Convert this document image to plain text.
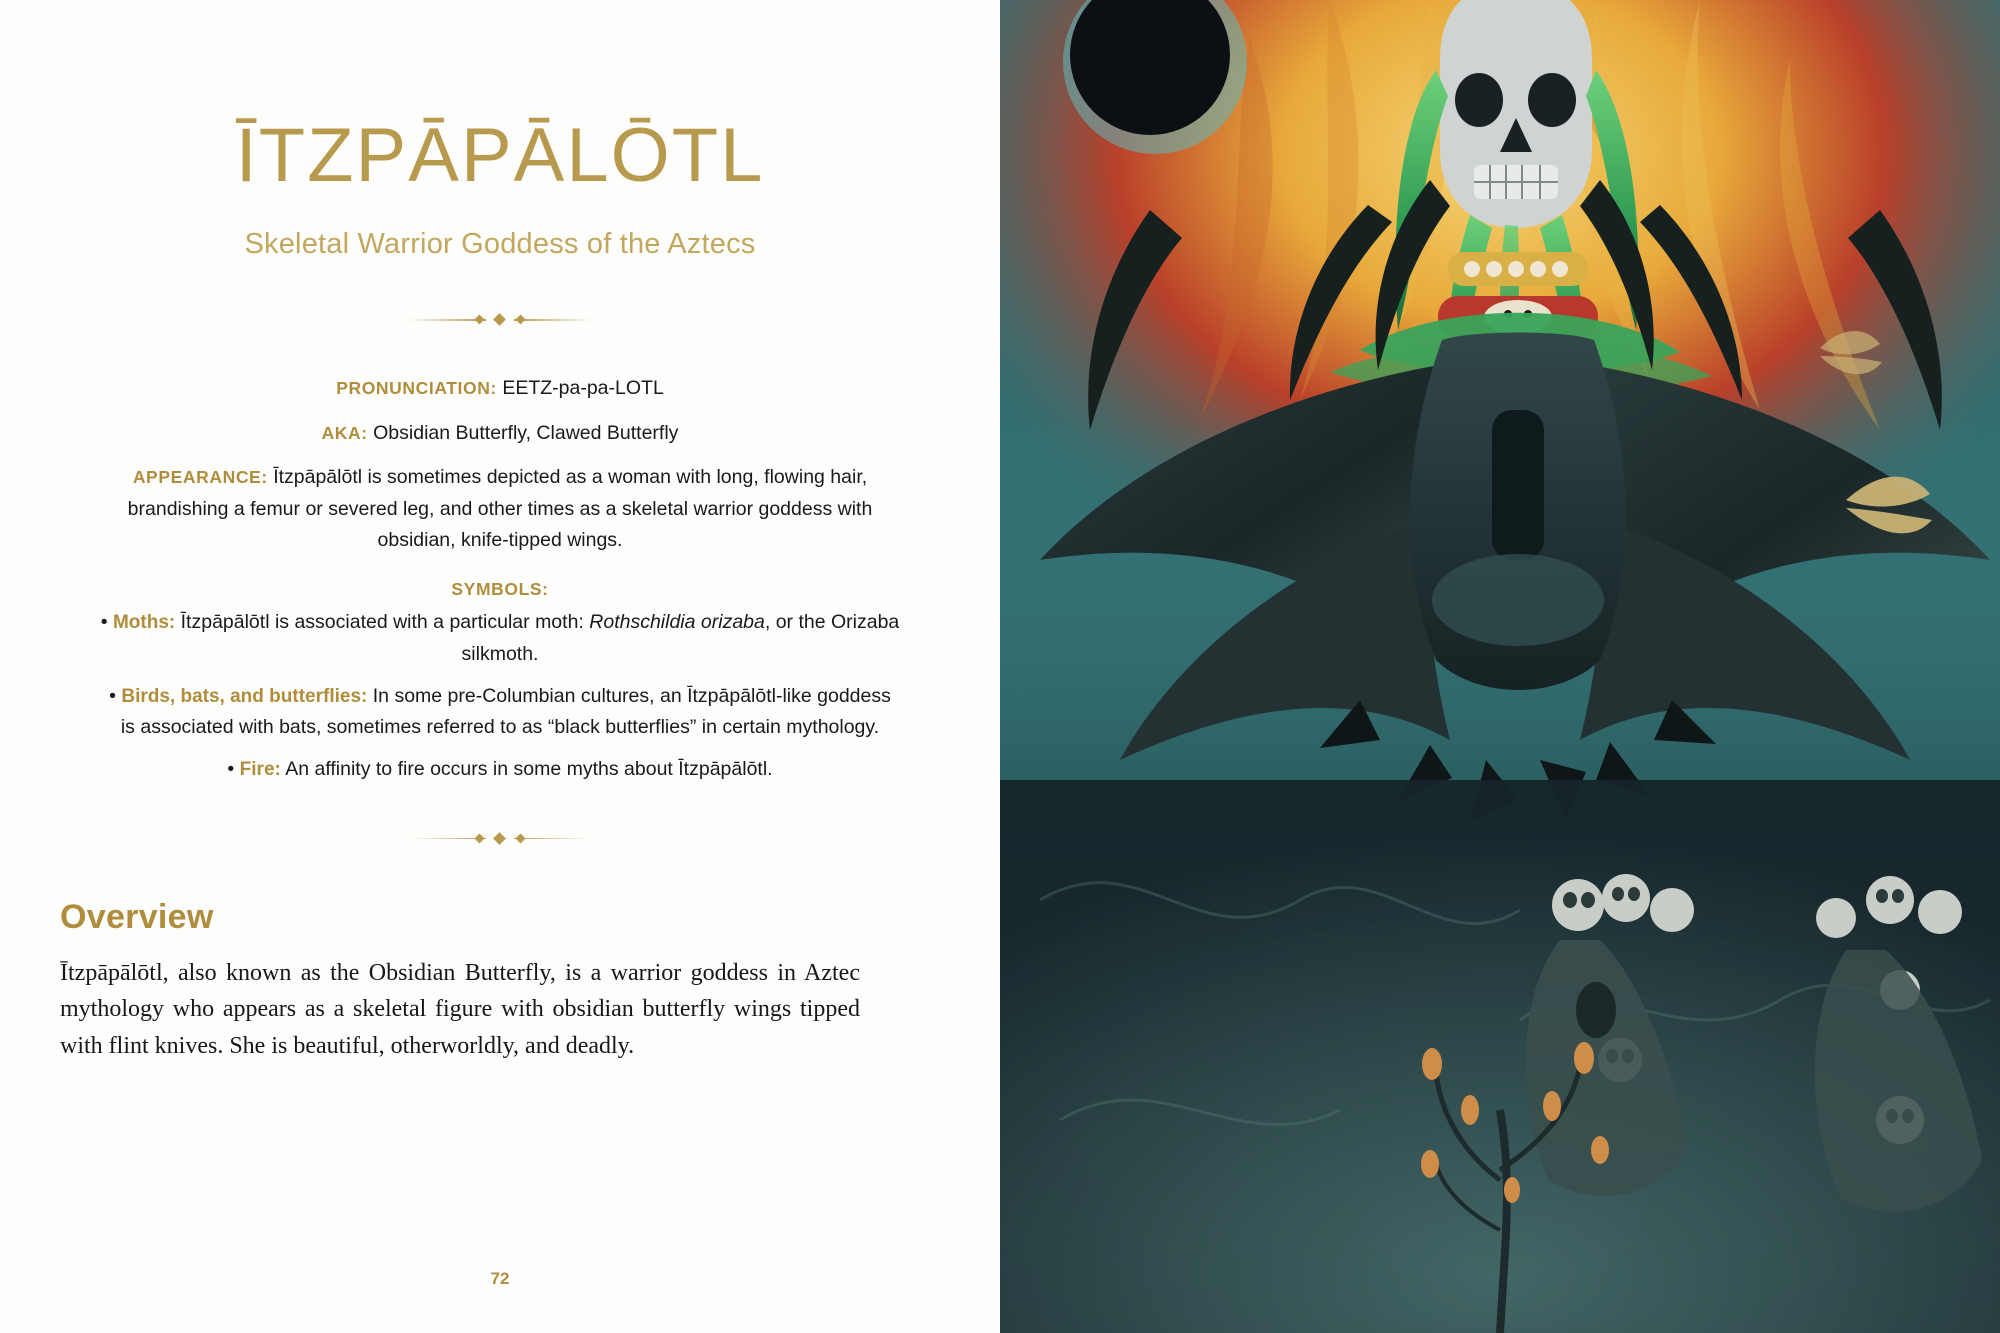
ĪTZPĀPĀLŌTL
Skeletal Warrior Goddess of the Aztecs
PRONUNCIATION: EETZ-pa-pa-LOTL
AKA: Obsidian Butterfly, Clawed Butterfly
APPEARANCE: Ītzpāpālōtl is sometimes depicted as a woman with long, flowing hair, brandishing a femur or severed leg, and other times as a skeletal warrior goddess with obsidian, knife-tipped wings.
SYMBOLS:
• Moths: Ītzpāpālōtl is associated with a particular moth: Rothschildia orizaba, or the Orizaba silkmoth.
• Birds, bats, and butterflies: In some pre-Columbian cultures, an Ītzpāpālōtl-like goddess is associated with bats, sometimes referred to as “black butterflies” in certain mythology.
• Fire: An affinity to fire occurs in some myths about Ītzpāpālōtl.
Overview
Ītzpāpālōtl, also known as the Obsidian Butterfly, is a warrior goddess in Aztec mythology who appears as a skeletal figure with obsidian butterfly wings tipped with flint knives. She is beautiful, otherworldly, and deadly.
72
